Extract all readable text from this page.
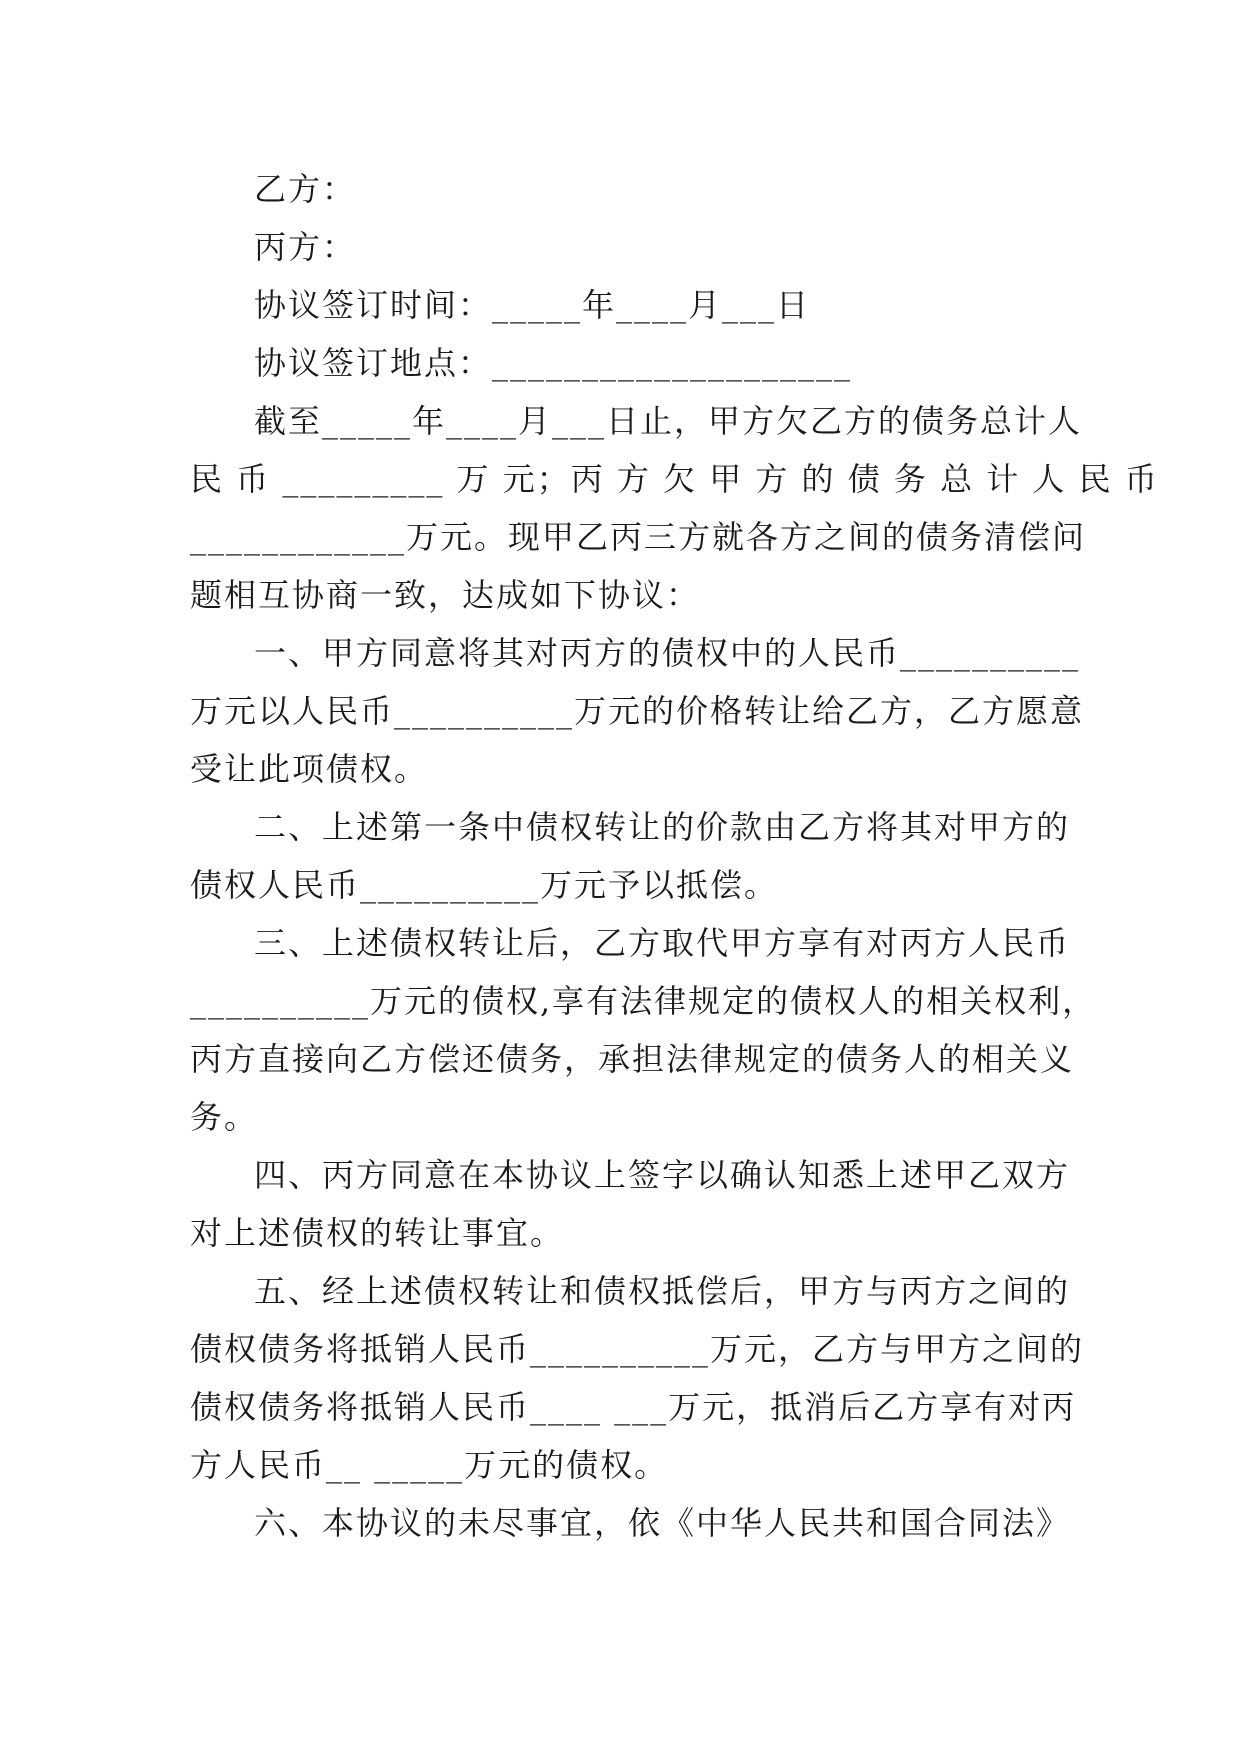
乙方：
丙方：
协议签订时间：_____年____月___日
协议签订地点：____________________
截至_____年____月___日止，甲方欠乙方的债务总计人
民 币 _________ 万 元；丙 方 欠 甲 方 的 债 务 总 计 人 民 币
____________万元。现甲乙丙三方就各方之间的债务清偿问
题相互协商一致，达成如下协议：
一、甲方同意将其对丙方的债权中的人民币__________
万元以人民币__________万元的价格转让给乙方，乙方愿意
受让此项债权。
二、上述第一条中债权转让的价款由乙方将其对甲方的
债权人民币__________万元予以抵偿。
三、上述债权转让后，乙方取代甲方享有对丙方人民币
__________万元的债权,享有法律规定的债权人的相关权利，
丙方直接向乙方偿还债务，承担法律规定的债务人的相关义
务。
四、丙方同意在本协议上签字以确认知悉上述甲乙双方
对上述债权的转让事宜。
五、经上述债权转让和债权抵偿后，甲方与丙方之间的
债权债务将抵销人民币__________万元，乙方与甲方之间的
债权债务将抵销人民币____ ___万元，抵消后乙方享有对丙
方人民币__ _____万元的债权。
六、本协议的未尽事宜，依《中华人民共和国合同法》
